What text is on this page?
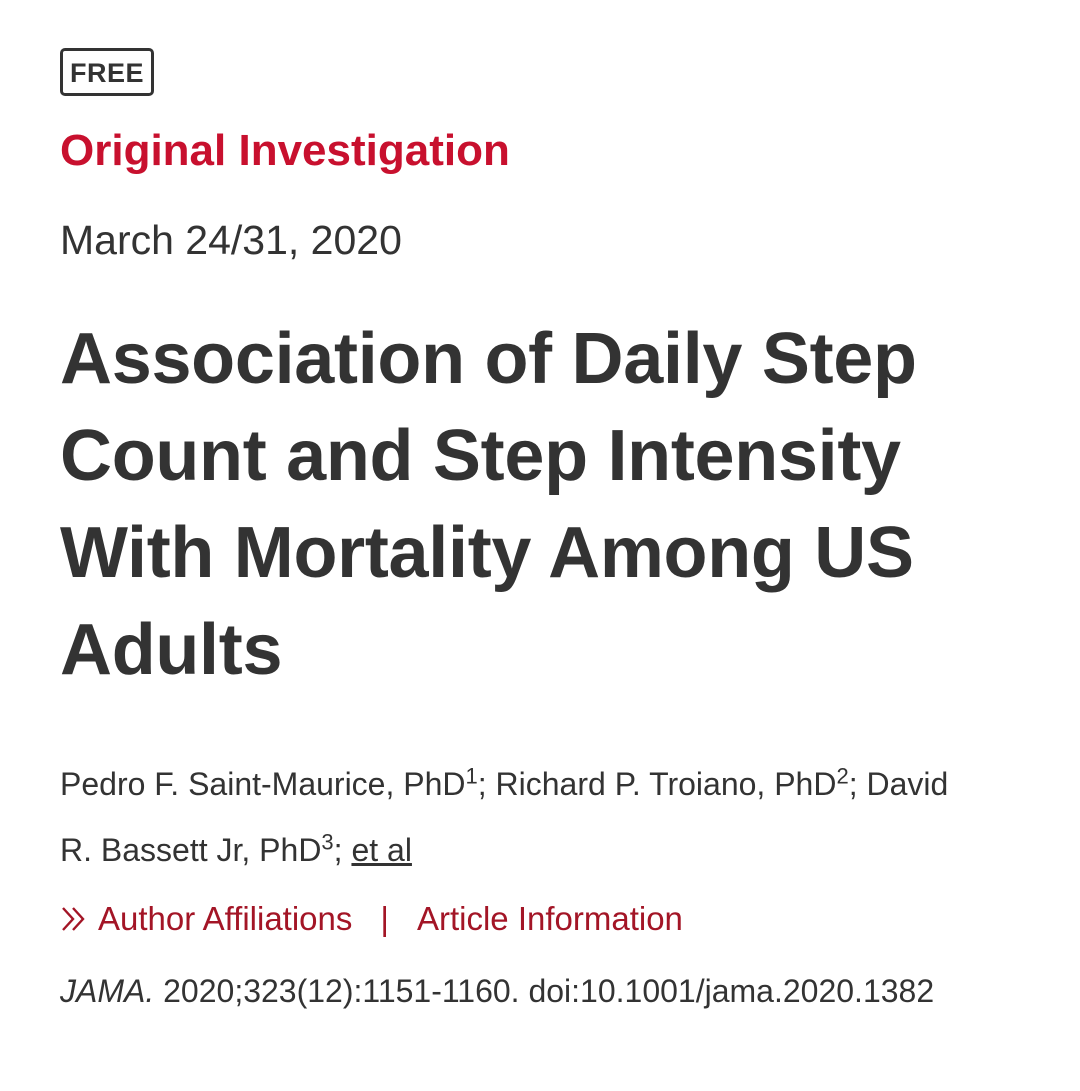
FREE
Original Investigation
March 24/31, 2020
Association of Daily Step
Count and Step Intensity
With Mortality Among US
Adults
Pedro F. Saint-Maurice, PhD$^1$; Richard P. Troiano, PhD$^2$; David
R. Bassett Jr, PhD$^3$; et al
Author Affiliations | Article Information
JAMA. 2020;323(12):1151-1160. doi:10.1001/jama.2020.1382
